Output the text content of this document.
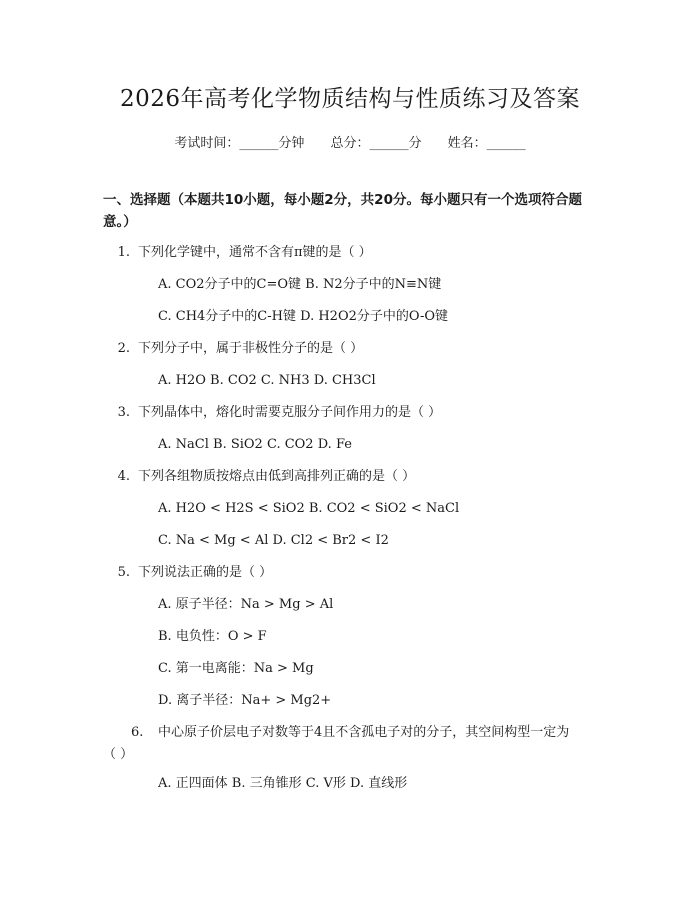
2026年高考化学物质结构与性质练习及答案
考试时间：______分钟 总分：______分 姓名：______
一、选择题（本题共10小题，每小题2分，共20分。每小题只有一个选项符合题意。）
1. 下列化学键中，通常不含有π键的是（ ）
A. CO2分子中的C=O键 B. N2分子中的N≡N键
C. CH4分子中的C-H键 D. H2O2分子中的O-O键
2. 下列分子中，属于非极性分子的是（ ）
A. H2O B. CO2 C. NH3 D. CH3Cl
3. 下列晶体中，熔化时需要克服分子间作用力的是（ ）
A. NaCl B. SiO2 C. CO2 D. Fe
4. 下列各组物质按熔点由低到高排列正确的是（ ）
A. H2O < H2S < SiO2 B. CO2 < SiO2 < NaCl
C. Na < Mg < Al D. Cl2 < Br2 < I2
5. 下列说法正确的是（ ）
A. 原子半径：Na > Mg > Al
B. 电负性：O > F
C. 第一电离能：Na > Mg
D. 离子半径：Na+ > Mg2+
6. 中心原子价层电子对数等于4且不含孤电子对的分子，其空间构型一定为
（ ）
A. 正四面体 B. 三角锥形 C. V形 D. 直线形
